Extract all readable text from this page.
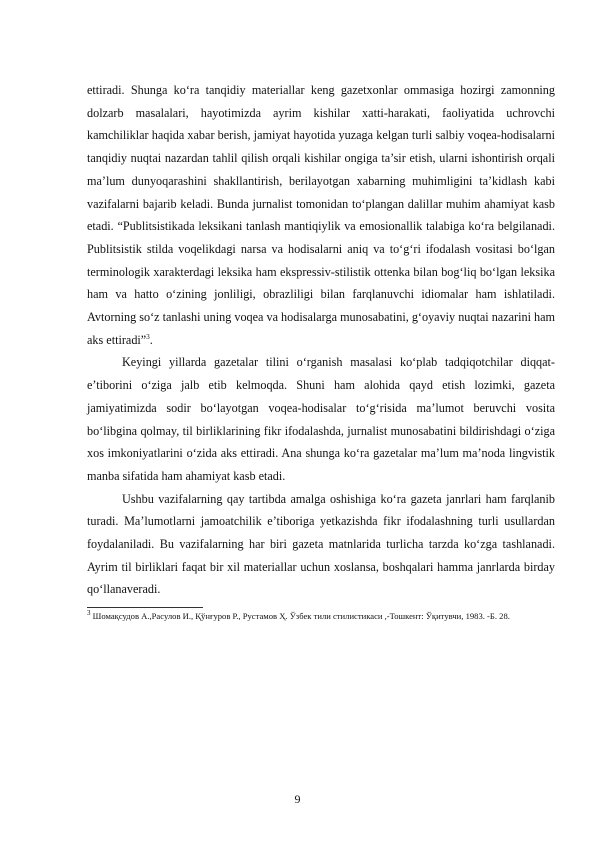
ettiradi. Shunga ko‘ra tanqidiy materiallar keng gazetxonlar ommasiga hozirgi zamonning dolzarb masalalari, hayotimizda ayrim kishilar xatti-harakati, faoliyatida uchrovchi kamchiliklar haqida xabar berish, jamiyat hayotida yuzaga kelgan turli salbiy voqea-hodisalarni tanqidiy nuqtai nazardan tahlil qilish orqali kishilar ongiga ta’sir etish, ularni ishontirish orqali ma’lum dunyoqarashini shakllantirish, berilayotgan xabarning muhimligini ta’kidlash kabi vazifalarni bajarib keladi. Bunda jurnalist tomonidan to‘plangan dalillar muhim ahamiyat kasb etadi. “Publitsistikada leksikani tanlash mantiqiylik va emosionallik talabiga ko‘ra belgilanadi. Publitsistik stilda voqelikdagi narsa va hodisalarni aniq va to‘g‘ri ifodalash vositasi bo‘lgan terminologik xarakterdagi leksika ham ekspressiv-stilistik ottenka bilan bog‘liq bo‘lgan leksika ham va hatto o‘zining jonliligi, obrazliligi bilan farqlanuvchi idiomalar ham ishlatiladi. Avtorning so‘z tanlashi uning voqea va hodisalarga munosabatini, g‘oyaviy nuqtai nazarini ham aks ettiradi”$^3$.

Keyingi yillarda gazetalar tilini o‘rganish masalasi ko‘plab tadqiqotchilar diqqat-e’tiborini o‘ziga jalb etib kelmoqda. Shuni ham alohida qayd etish lozimki, gazeta jamiyatimizda sodir bo‘layotgan voqea-hodisalar to‘g‘risida ma’lumot beruvchi vosita bo‘libgina qolmay, til birliklarining fikr ifodalashda, jurnalist munosabatini bildirishdagi o‘ziga xos imkoniyatlarini o‘zida aks ettiradi. Ana shunga ko‘ra gazetalar ma’lum ma’noda lingvistik manba sifatida ham ahamiyat kasb etadi.

Ushbu vazifalarning qay tartibda amalga oshishiga ko‘ra gazeta janrlari ham farqlanib turadi. Ma’lumotlarni jamoatchilik e’tiboriga yetkazishda fikr ifodalashning turli usullardan foydalaniladi. Bu vazifalarning har biri gazeta matnlarida turlicha tarzda ko‘zga tashlanadi. Ayrim til birliklari faqat bir xil materiallar uchun xoslansa, boshqalari hamma janrlarda birday qo‘llanaveradi.

$^3$ Шомақсудов А.,Расулов И., Қўнғуров Р., Рустамов Ҳ. Ўзбек тили стилистикаси ,-Тошкент: Ўқитувчи, 1983. -Б. 28.

9
